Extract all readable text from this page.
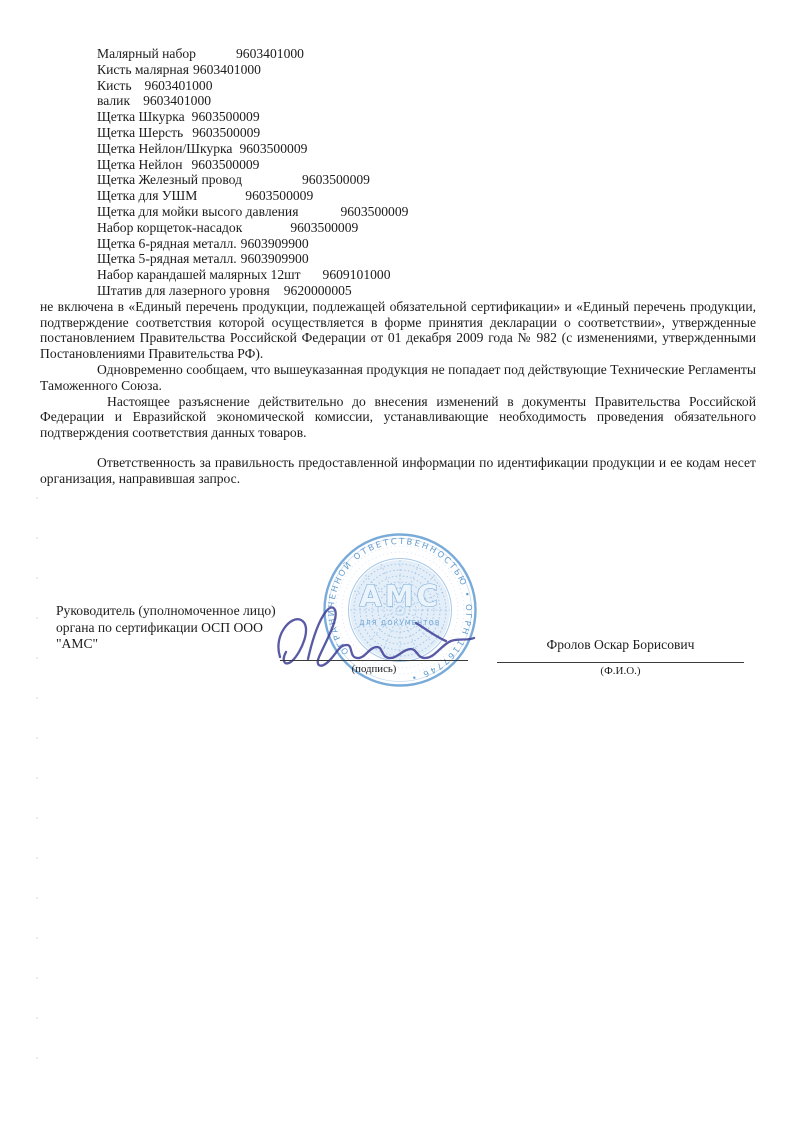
Малярный набор	9603401000
Кисть малярная 9603401000
Кисть 9603401000
валик 9603401000
Щетка Шкурка 9603500009
Щетка Шерсть 9603500009
Щетка Нейлон/Шкурка 9603500009
Щетка Нейлон 9603500009
Щетка Железный провод	9603500009
Щетка для УШМ	9603500009
Щетка для мойки высого давления	9603500009
Набор корщеток-насадок	9603500009
Щетка 6-рядная металл. 9603909900
Щетка 5-рядная металл. 9603909900
Набор карандашей малярных 12шт 9609101000
Штатив для лазерного уровня 9620000005

не включена в «Единый перечень продукции, подлежащей обязательной сертификации» и «Единый перечень продукции, подтверждение соответствия которой осуществляется в форме принятия декларации о соответствии», утвержденные постановлением Правительства Российской Федерации от 01 декабря 2009 года № 982 (с изменениями, утвержденными Постановлениями Правительства РФ).

Одновременно сообщаем, что вышеуказанная продукция не попадает под действующие Технические Регламенты Таможенного Союза.

Настоящее разъяснение действительно до внесения изменений в документы Правительства Российской Федерации и Евразийской экономической комиссии, устанавливающие необходимость проведения обязательного подтверждения соответствия данных товаров.

Ответственность за правильность предоставленной информации по идентификации продукции и ее кодам несет организация, направившая запрос.

Руководитель (уполномоченное лицо)
органа по сертификации ОСП ООО
"АМС"	ОГРАНИЧЕННОЙ ОТВЕТСТВЕННОСТЬЮ • ОГРН 1167746 •
АМС
ДЛЯ ДОКУМЕНТОВ
(подпись)
Фролов Оскар Борисович
(Ф.И.О.)
